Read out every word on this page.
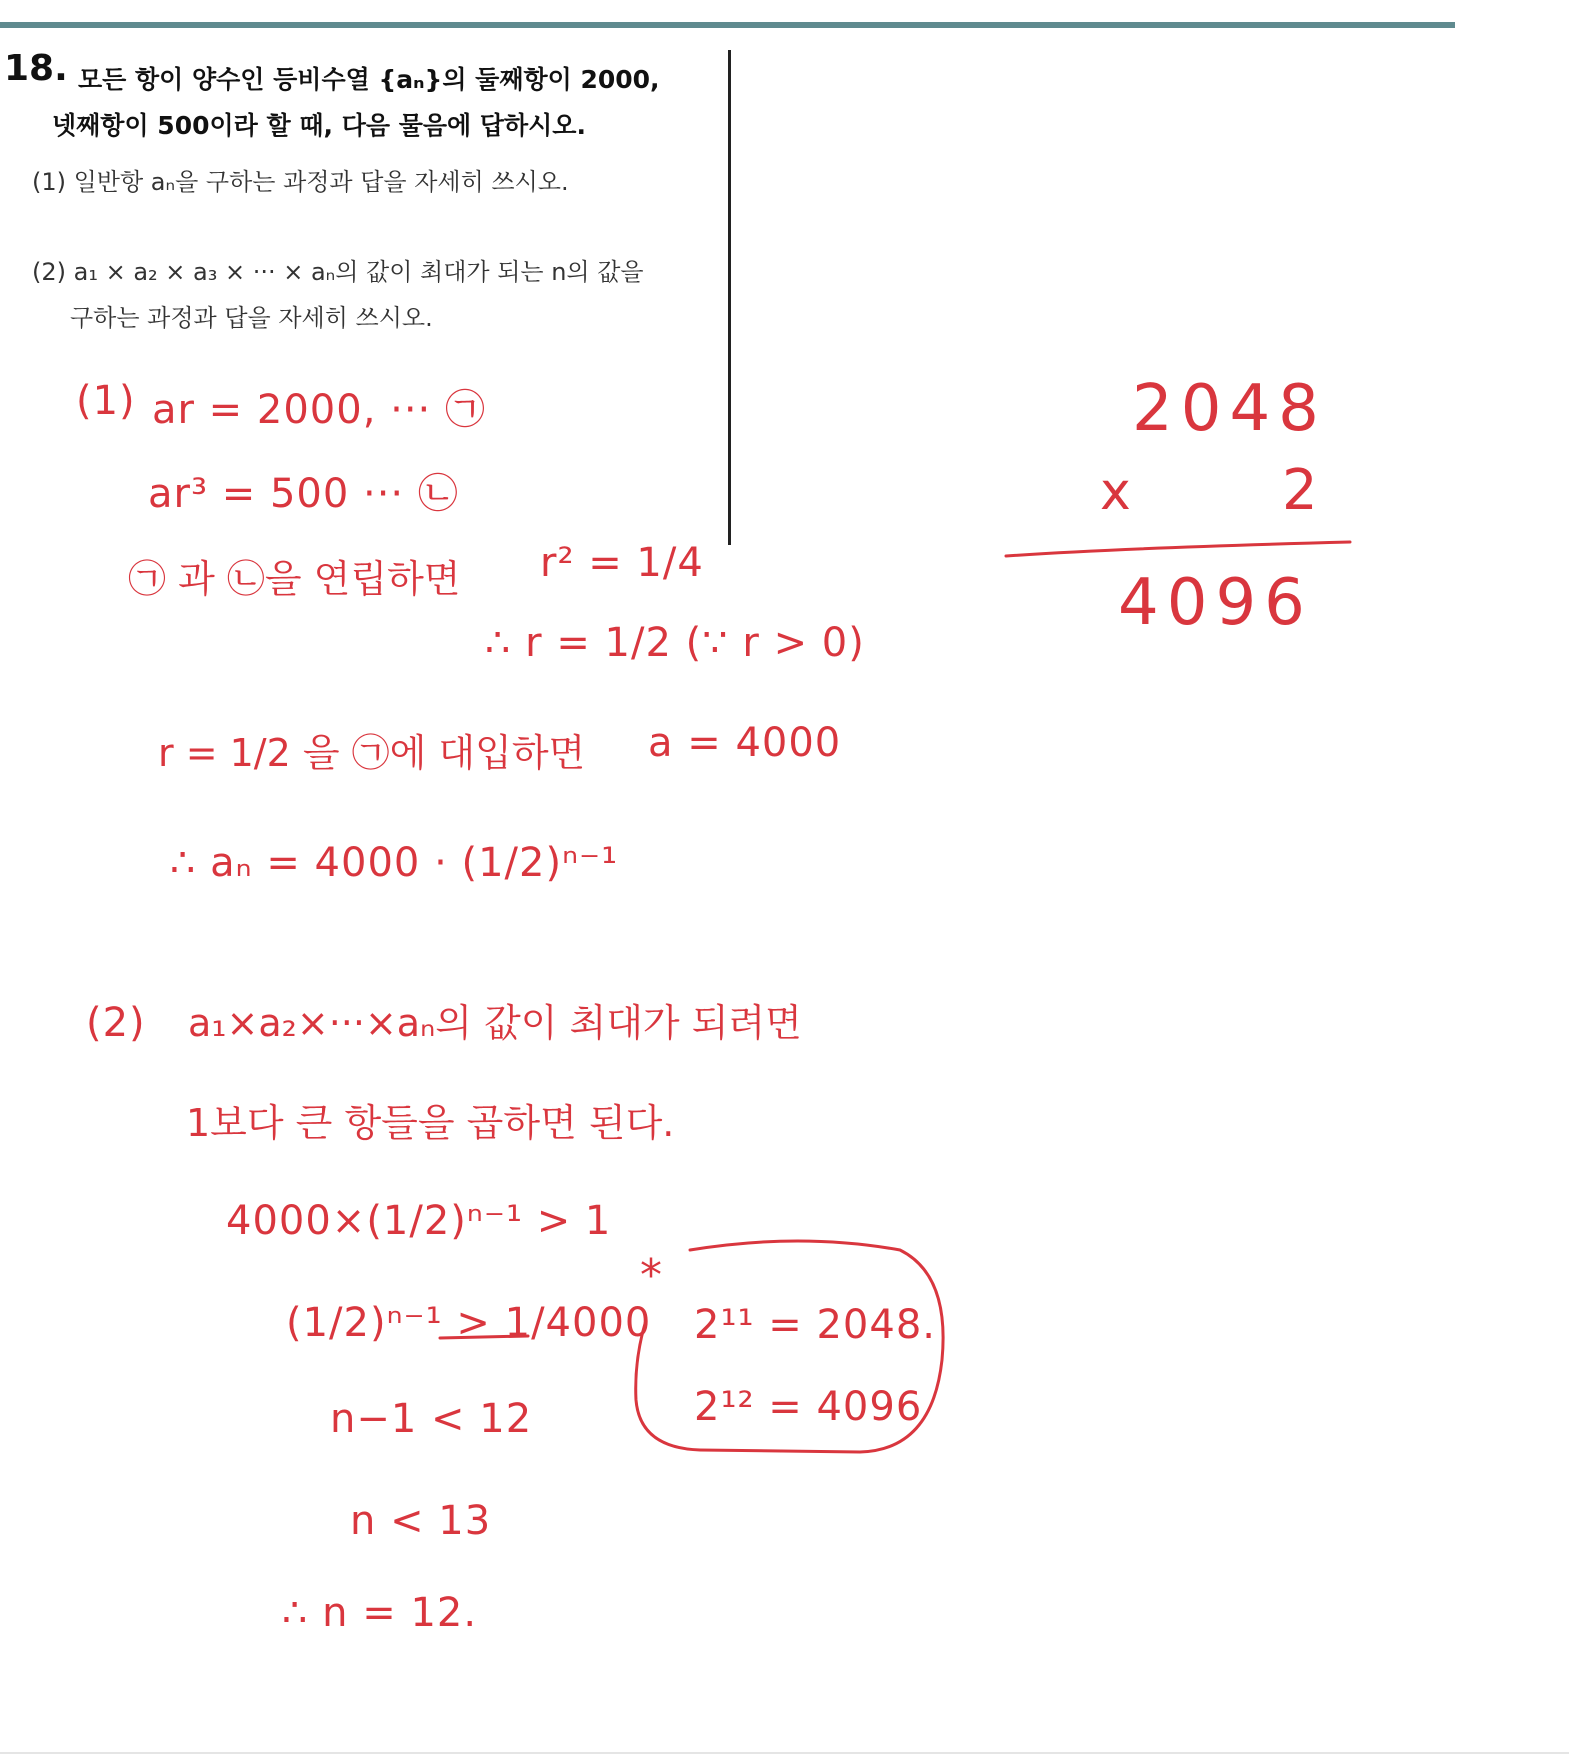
18. 모든 항이 양수인 등비수열 {aₙ}의 둘째항이 2000,
넷째항이 500이라 할 때, 다음 물음에 답하시오.
(1) 일반항 aₙ을 구하는 과정과 답을 자세히 쓰시오.
(2) a₁ × a₂ × a₃ × ··· × aₙ의 값이 최대가 되는 n의 값을
구하는 과정과 답을 자세히 쓰시오.
(1) ar = 2000, ··· ㉠
ar³ = 500 ··· ㉡
㉠ 과 ㉡을 연립하면 r² = 1/4
∴ r = 1/2 (∵ r > 0)
r = 1/2 을 ㉠에 대입하면 a = 4000
∴ aₙ = 4000 · (1/2)ⁿ⁻¹
(2) a₁×a₂×···×aₙ의 값이 최대가 되려면
1보다 큰 항들을 곱하면 된다.
4000×(1/2)ⁿ⁻¹ > 1
(1/2)ⁿ⁻¹ > 1/4000
n−1 < 12
n < 13
∴ n = 12.
*
2¹¹ = 2048.
2¹² = 4096
2048
x	2
4096
